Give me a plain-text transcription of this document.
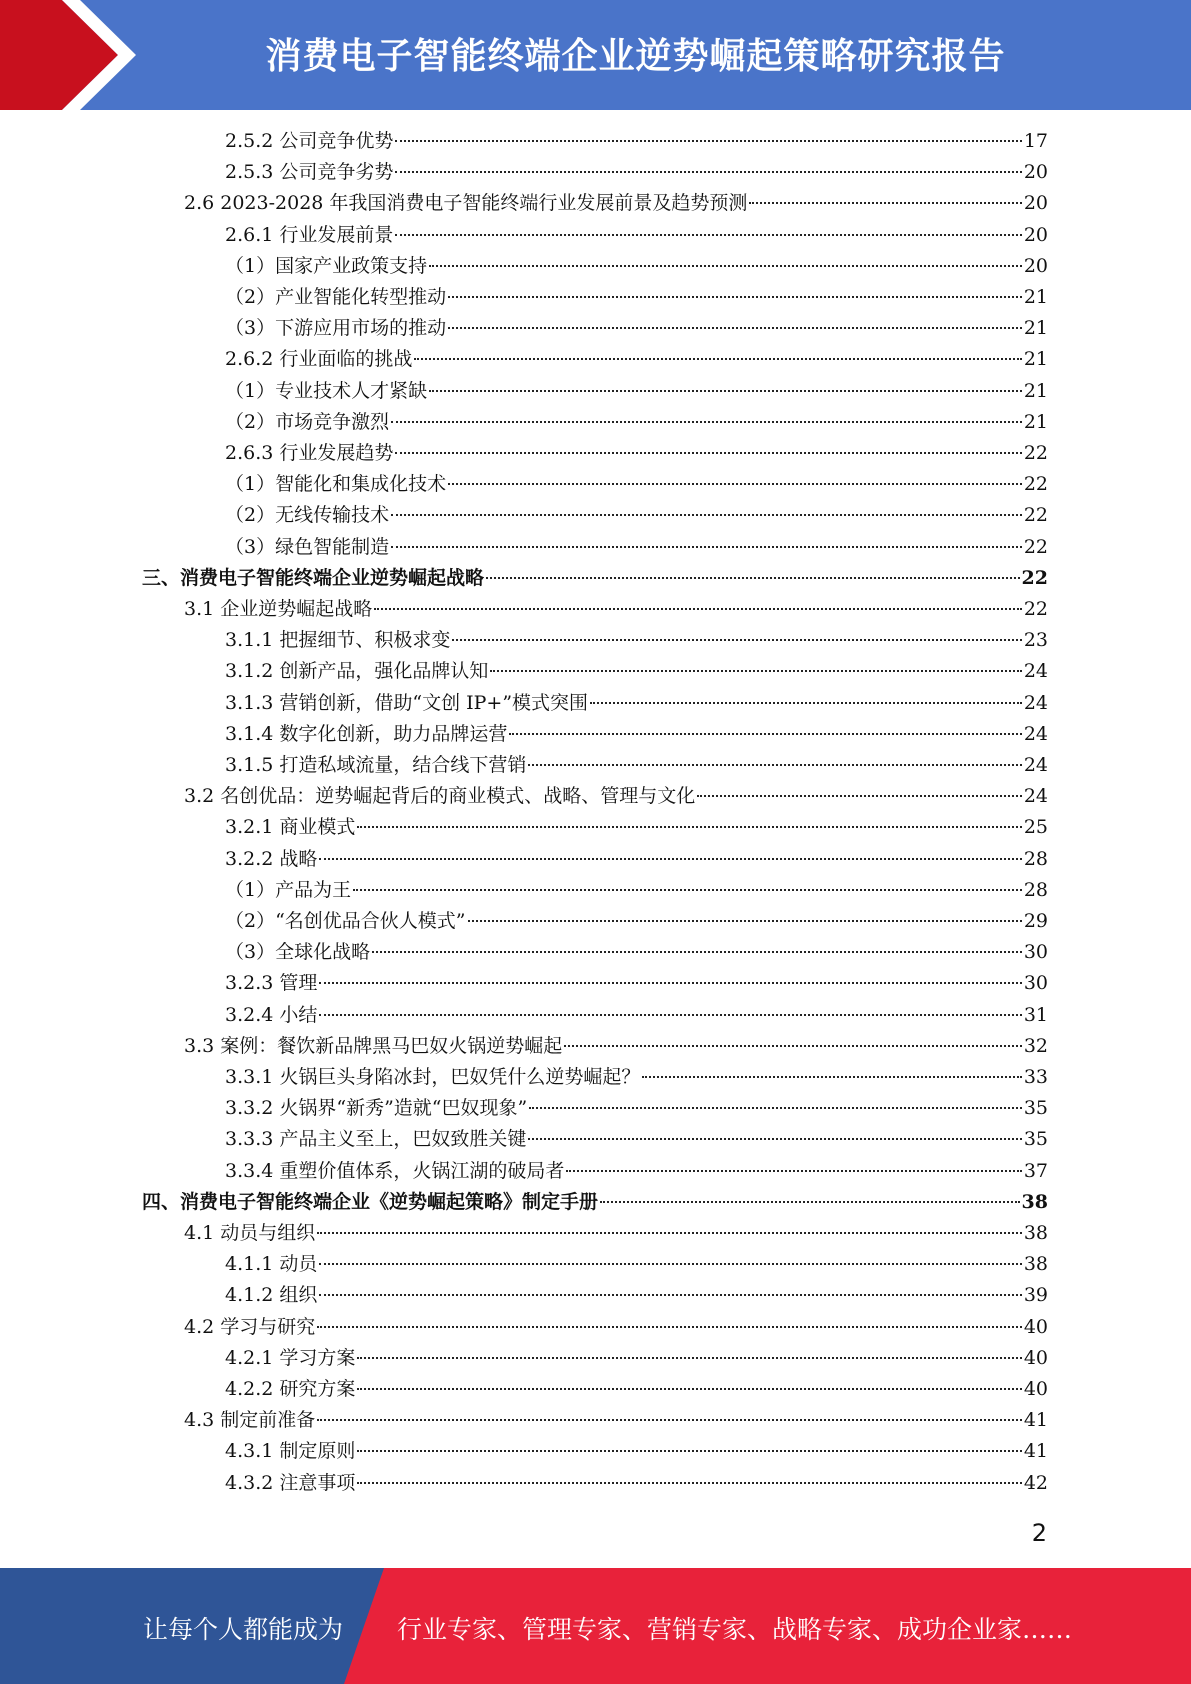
消费电子智能终端企业逆势崛起策略研究报告
2.5.2 公司竞争优势	17
2.5.3 公司竞争劣势	20
2.6 2023-2028 年我国消费电子智能终端行业发展前景及趋势预测	20
2.6.1 行业发展前景	20
（1）国家产业政策支持	20
（2）产业智能化转型推动	21
（3）下游应用市场的推动	21
2.6.2 行业面临的挑战	21
（1）专业技术人才紧缺	21
（2）市场竞争激烈	21
2.6.3 行业发展趋势	22
（1）智能化和集成化技术	22
（2）无线传输技术	22
（3）绿色智能制造	22
三、消费电子智能终端企业逆势崛起战略	22
3.1 企业逆势崛起战略	22
3.1.1 把握细节、积极求变	23
3.1.2 创新产品，强化品牌认知	24
3.1.3 营销创新，借助“文创 IP+”模式突围	24
3.1.4 数字化创新，助力品牌运营	24
3.1.5 打造私域流量，结合线下营销	24
3.2 名创优品：逆势崛起背后的商业模式、战略、管理与文化	24
3.2.1 商业模式	25
3.2.2 战略	28
（1）产品为王	28
（2）“名创优品合伙人模式”	29
（3）全球化战略	30
3.2.3 管理	30
3.2.4 小结	31
3.3 案例：餐饮新品牌黑马巴奴火锅逆势崛起	32
3.3.1 火锅巨头身陷冰封，巴奴凭什么逆势崛起？	33
3.3.2 火锅界“新秀”造就“巴奴现象”	35
3.3.3 产品主义至上，巴奴致胜关键	35
3.3.4 重塑价值体系，火锅江湖的破局者	37
四、消费电子智能终端企业《逆势崛起策略》制定手册	38
4.1 动员与组织	38
4.1.1 动员	38
4.1.2 组织	39
4.2 学习与研究	40
4.2.1 学习方案	40
4.2.2 研究方案	40
4.3 制定前准备	41
4.3.1 制定原则	41
4.3.2 注意事项	42
2
让每个人都能成为 行业专家、管理专家、营销专家、战略专家、成功企业家……
